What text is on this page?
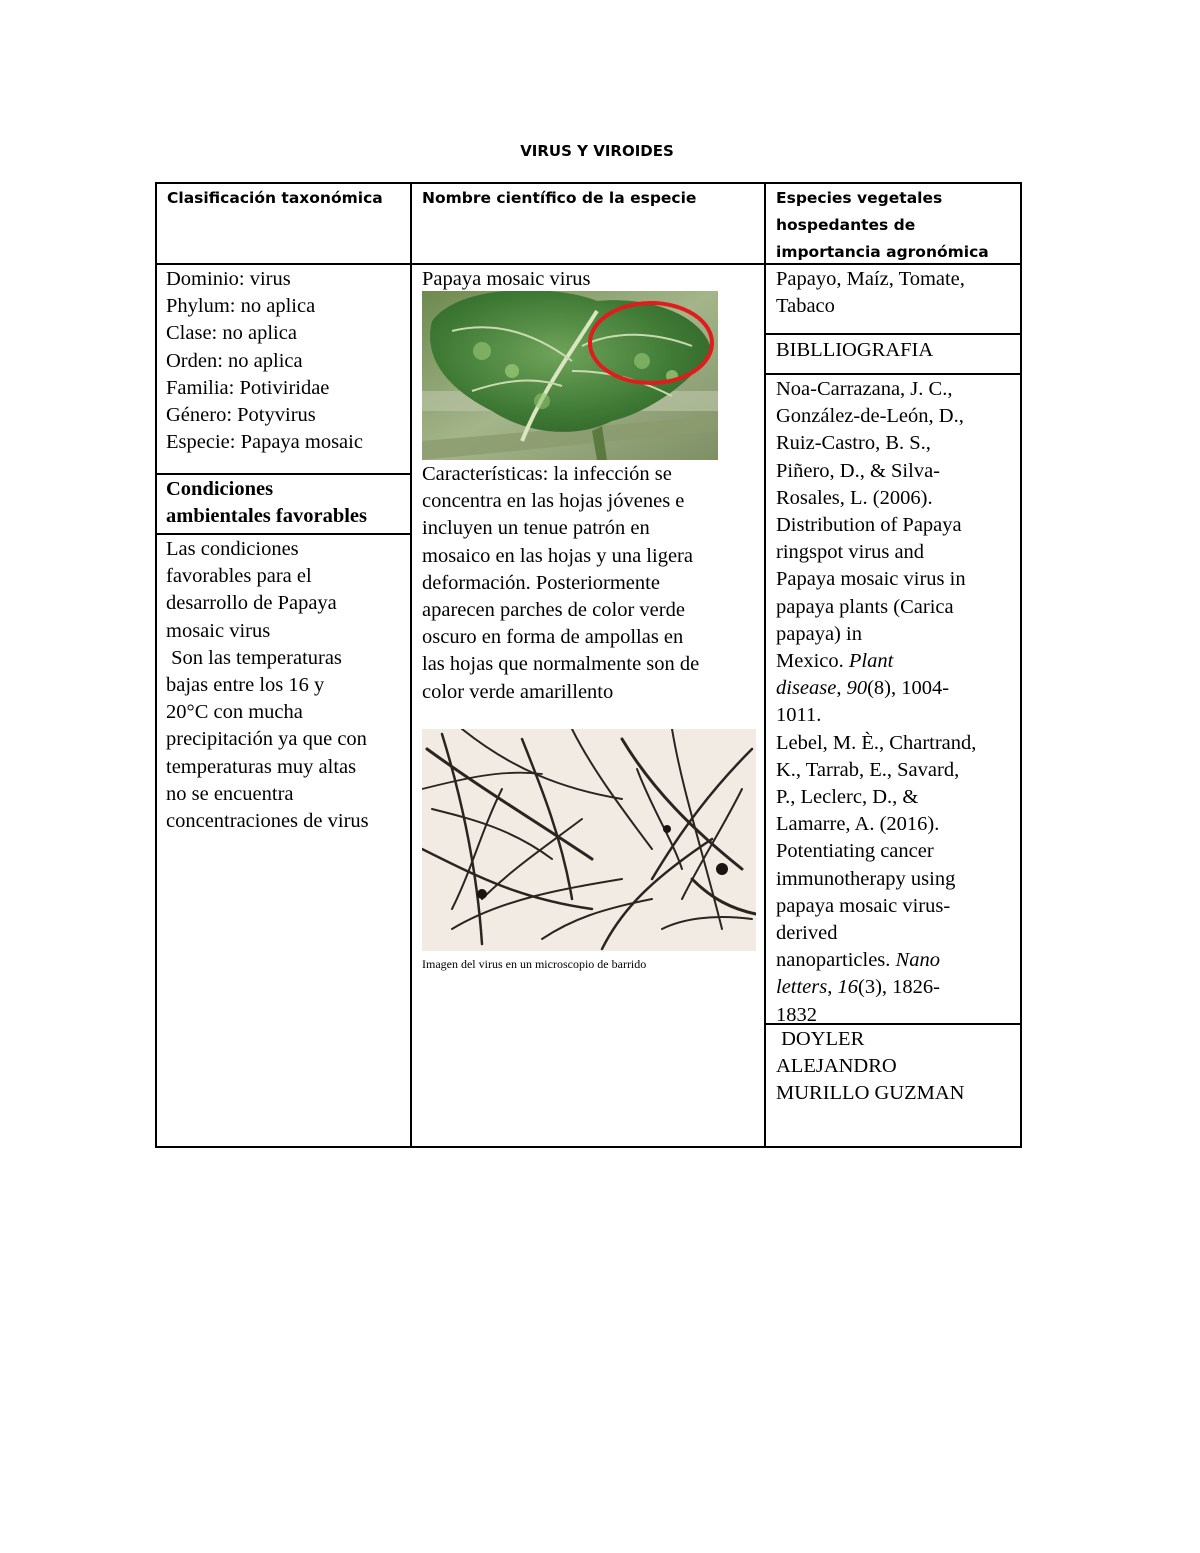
VIRUS Y VIROIDES
Clasificación taxonómica	Nombre científico de la especie	Especies vegetales
hospedantes de
importancia agronómica
Dominio: virus
Phylum: no aplica
Clase: no aplica
Orden: no aplica
Familia: Potiviridae
Género: Potyvirus
Especie: Papaya mosaic
Condiciones
ambientales favorables
Las condiciones
favorables para el
desarrollo de Papaya
mosaic virus
Son las temperaturas
bajas entre los 16 y
20°C con mucha
precipitación ya que con
temperaturas muy altas
no se encuentra
concentraciones de virus
Papaya mosaic virus
Características: la infección se
concentra en las hojas jóvenes e
incluyen un tenue patrón en
mosaico en las hojas y una ligera
deformación. Posteriormente
aparecen parches de color verde
oscuro en forma de ampollas en
las hojas que normalmente son de
color verde amarillento
Imagen del virus en un microscopio de barrido
Papayo, Maíz, Tomate,
Tabaco
BIBLLIOGRAFIA
Noa-Carrazana, J. C.,
González-de-León, D.,
Ruiz-Castro, B. S.,
Piñero, D., & Silva-
Rosales, L. (2006).
Distribution of Papaya
ringspot virus and
Papaya mosaic virus in
papaya plants (Carica
papaya) in
Mexico. Plant
disease, 90(8), 1004-
1011.
Lebel, M. È., Chartrand,
K., Tarrab, E., Savard,
P., Leclerc, D., &
Lamarre, A. (2016).
Potentiating cancer
immunotherapy using
papaya mosaic virus-
derived
nanoparticles. Nano
letters, 16(3), 1826-
1832
DOYLER
ALEJANDRO
MURILLO GUZMAN
